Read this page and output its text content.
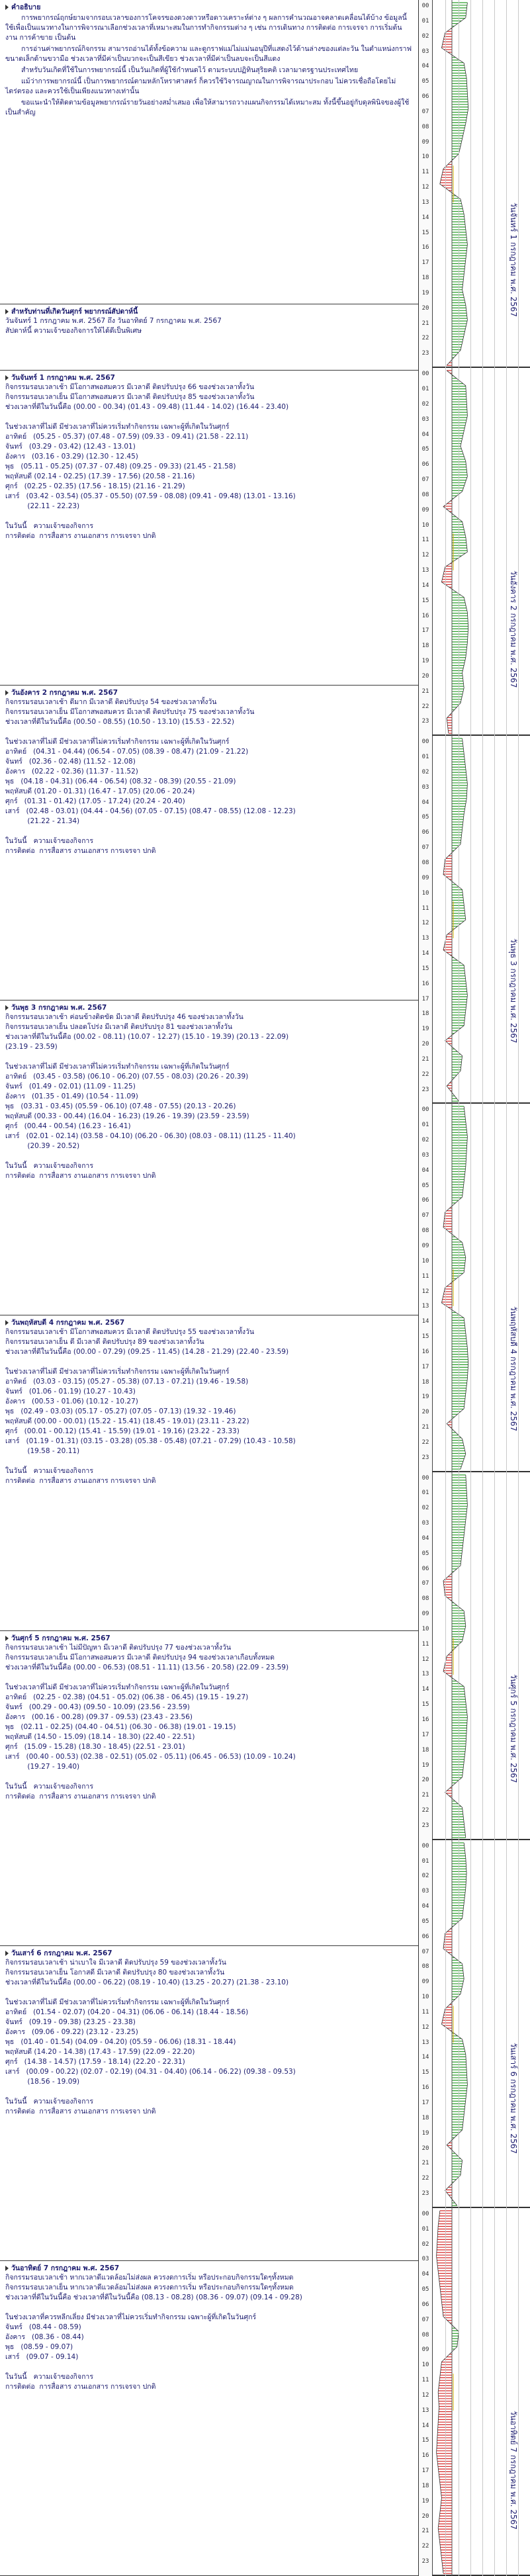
คำอธิบาย
การพยากรณ์ฤกษ์ยามจากรอบเวลาของการโคจรของดวงดาวหรือดาวเคราะห์ต่าง ๆ ผลการคำนวณอาจคลาดเคลื่อนได้บ้าง ข้อมูลนี้ใช้เพื่อเป็นแนวทางในการพิจารณาเลือกช่วงเวลาที่เหมาะสมในการทำกิจกรรมต่าง ๆ เช่น การเดินทาง การติดต่อ การเจรจา การเริ่มต้นงาน การค้าขาย เป็นต้น
การอ่านค่าพยากรณ์กิจกรรม สามารถอ่านได้ทั้งข้อความ และดูกราฟแม่ไม่แม่นอนุปีที่แสดงไว้ด้านล่างของแต่ละวัน ในตำแหน่งกราฟขนาดเล็กด้านขวามือ ช่วงเวลาที่มีค่าเป็นบวกจะเป็นสีเขียว ช่วงเวลาที่มีค่าเป็นลบจะเป็นสีแดง
สำหรับวันเกิดที่ใช้ในการพยากรณ์นี้ เป็นวันเกิดที่ผู้ใช้กำหนดไว้ ตามระบบปฏิทินสุริยคติ เวลามาตรฐานประเทศไทย
แม้ว่าการพยากรณ์นี้ เป็นการพยากรณ์ตามหลักโหราศาสตร์ ก็ควรใช้วิจารณญาณในการพิจารณาประกอบ ไม่ควรเชื่อถือโดยไม่ไตร่ตรอง และควรใช้เป็นเพียงแนวทางเท่านั้น
ขอแนะนำให้ติดตามข้อมูลพยากรณ์รายวันอย่างสม่ำเสมอ เพื่อให้สามารถวางแผนกิจกรรมได้เหมาะสม ทั้งนี้ขึ้นอยู่กับดุลพินิจของผู้ใช้เป็นสำคัญ
สำหรับท่านที่เกิดวันศุกร์ พยากรณ์สัปดาห์นี้
วันจันทร์ 1 กรกฎาคม พ.ศ. 2567 ถึง วันอาทิตย์ 7 กรกฎาคม พ.ศ. 2567
สัปดาห์นี้ ความเจ้าของกิจการให้ได้ดีเป็นพิเศษ
วันจันทร์ 1 กรกฎาคม พ.ศ. 2567
กิจกรรมรอบเวลาเช้า มีโอกาสพอสมควร มีเวลาดี ติดปรับปรุง 66 ของช่วงเวลาทั้งวัน
กิจกรรมรอบเวลาเย็น มีโอกาสพอสมควร มีเวลาดี ติดปรับปรุง 85 ของช่วงเวลาทั้งวัน
ช่วงเวลาที่ดีในวันนี้คือ (00.00 - 00.34) (01.43 - 09.48) (11.44 - 14.02) (16.44 - 23.40)

ในช่วงเวลาที่ไม่ดี มีช่วงเวลาที่ไม่ควรเริ่มทำกิจกรรม เฉพาะผู้ที่เกิดในวันศุกร์
อาทิตย์   (05.25 - 05.37) (07.48 - 07.59) (09.33 - 09.41) (21.58 - 22.11)
จันทร์   (03.29 - 03.42) (12.43 - 13.01)
อังคาร   (03.16 - 03.29) (12.30 - 12.45)
พุธ   (05.11 - 05.25) (07.37 - 07.48) (09.25 - 09.33) (21.45 - 21.58)
พฤหัสบดี (02.14 - 02.25) (17.39 - 17.56) (20.58 - 21.16)
ศุกร์   (02.25 - 02.35) (17.56 - 18.15) (21.16 - 21.29)
เสาร์   (03.42 - 03.54) (05.37 - 05.50) (07.59 - 08.08) (09.41 - 09.48) (13.01 - 13.16)
(22.11 - 22.23)

ในวันนี้   ความเจ้าของกิจการ
การติดต่อ  การสื่อสาร งานเอกสาร การเจรจา ปกติ
วันอังคาร 2 กรกฎาคม พ.ศ. 2567
กิจกรรมรอบเวลาเช้า ดีมาก มีเวลาดี ติดปรับปรุง 54 ของช่วงเวลาทั้งวัน
กิจกรรมรอบเวลาเย็น มีโอกาสพอสมควร มีเวลาดี ติดปรับปรุง 75 ของช่วงเวลาทั้งวัน
ช่วงเวลาที่ดีในวันนี้คือ (00.50 - 08.55) (10.50 - 13.10) (15.53 - 22.52)

ในช่วงเวลาที่ไม่ดี มีช่วงเวลาที่ไม่ควรเริ่มทำกิจกรรม เฉพาะผู้ที่เกิดในวันศุกร์
อาทิตย์   (04.31 - 04.44) (06.54 - 07.05) (08.39 - 08.47) (21.09 - 21.22)
จันทร์   (02.36 - 02.48) (11.52 - 12.08)
อังคาร   (02.22 - 02.36) (11.37 - 11.52)
พุธ   (04.18 - 04.31) (06.44 - 06.54) (08.32 - 08.39) (20.55 - 21.09)
พฤหัสบดี (01.20 - 01.31) (16.47 - 17.05) (20.06 - 20.24)
ศุกร์   (01.31 - 01.42) (17.05 - 17.24) (20.24 - 20.40)
เสาร์   (02.48 - 03.01) (04.44 - 04.56) (07.05 - 07.15) (08.47 - 08.55) (12.08 - 12.23)
(21.22 - 21.34)

ในวันนี้   ความเจ้าของกิจการ
การติดต่อ  การสื่อสาร งานเอกสาร การเจรจา ปกติ
วันพุธ 3 กรกฎาคม พ.ศ. 2567
กิจกรรมรอบเวลาเช้า ค่อนข้างติดขัด มีเวลาดี ติดปรับปรุง 46 ของช่วงเวลาทั้งวัน
กิจกรรมรอบเวลาเย็น ปลอดโปร่ง มีเวลาดี ติดปรับปรุง 81 ของช่วงเวลาทั้งวัน
ช่วงเวลาที่ดีในวันนี้คือ (00.02 - 08.11) (10.07 - 12.27) (15.10 - 19.39) (20.13 - 22.09)
(23.19 - 23.59)

ในช่วงเวลาที่ไม่ดี มีช่วงเวลาที่ไม่ควรเริ่มทำกิจกรรม เฉพาะผู้ที่เกิดในวันศุกร์
อาทิตย์   (03.45 - 03.58) (06.10 - 06.20) (07.55 - 08.03) (20.26 - 20.39)
จันทร์   (01.49 - 02.01) (11.09 - 11.25)
อังคาร   (01.35 - 01.49) (10.54 - 11.09)
พุธ   (03.31 - 03.45) (05.59 - 06.10) (07.48 - 07.55) (20.13 - 20.26)
พฤหัสบดี (00.33 - 00.44) (16.04 - 16.23) (19.26 - 19.39) (23.59 - 23.59)
ศุกร์   (00.44 - 00.54) (16.23 - 16.41)
เสาร์   (02.01 - 02.14) (03.58 - 04.10) (06.20 - 06.30) (08.03 - 08.11) (11.25 - 11.40)
(20.39 - 20.52)

ในวันนี้   ความเจ้าของกิจการ
การติดต่อ  การสื่อสาร งานเอกสาร การเจรจา ปกติ
วันพฤหัสบดี 4 กรกฎาคม พ.ศ. 2567
กิจกรรมรอบเวลาเช้า มีโอกาสพอสมควร มีเวลาดี ติดปรับปรุง 55 ของช่วงเวลาทั้งวัน
กิจกรรมรอบเวลาเย็น ดี มีเวลาดี ติดปรับปรุง 89 ของช่วงเวลาทั้งวัน
ช่วงเวลาที่ดีในวันนี้คือ (00.00 - 07.29) (09.25 - 11.45) (14.28 - 21.29) (22.40 - 23.59)

ในช่วงเวลาที่ไม่ดี มีช่วงเวลาที่ไม่ควรเริ่มทำกิจกรรม เฉพาะผู้ที่เกิดในวันศุกร์
อาทิตย์   (03.03 - 03.15) (05.27 - 05.38) (07.13 - 07.21) (19.46 - 19.58)
จันทร์   (01.06 - 01.19) (10.27 - 10.43)
อังคาร   (00.53 - 01.06) (10.12 - 10.27)
พุธ   (02.49 - 03.03) (05.17 - 05.27) (07.05 - 07.13) (19.32 - 19.46)
พฤหัสบดี (00.00 - 00.01) (15.22 - 15.41) (18.45 - 19.01) (23.11 - 23.22)
ศุกร์   (00.01 - 00.12) (15.41 - 15.59) (19.01 - 19.16) (23.22 - 23.33)
เสาร์   (01.19 - 01.31) (03.15 - 03.28) (05.38 - 05.48) (07.21 - 07.29) (10.43 - 10.58)
(19.58 - 20.11)

ในวันนี้   ความเจ้าของกิจการ
การติดต่อ  การสื่อสาร งานเอกสาร การเจรจา ปกติ
วันศุกร์ 5 กรกฎาคม พ.ศ. 2567
กิจกรรมรอบเวลาเช้า ไม่มีปัญหา มีเวลาดี ติดปรับปรุง 77 ของช่วงเวลาทั้งวัน
กิจกรรมรอบเวลาเย็น มีโอกาสพอสมควร มีเวลาดี ติดปรับปรุง 94 ของช่วงเวลาเกือบทั้งหมด
ช่วงเวลาที่ดีในวันนี้คือ (00.00 - 06.53) (08.51 - 11.11) (13.56 - 20.58) (22.09 - 23.59)

ในช่วงเวลาที่ไม่ดี มีช่วงเวลาที่ไม่ควรเริ่มทำกิจกรรม เฉพาะผู้ที่เกิดในวันศุกร์
อาทิตย์   (02.25 - 02.38) (04.51 - 05.02) (06.38 - 06.45) (19.15 - 19.27)
จันทร์   (00.29 - 00.43) (09.50 - 10.09) (23.56 - 23.59)
อังคาร   (00.16 - 00.28) (09.37 - 09.53) (23.43 - 23.56)
พุธ   (02.11 - 02.25) (04.40 - 04.51) (06.30 - 06.38) (19.01 - 19.15)
พฤหัสบดี (14.50 - 15.09) (18.14 - 18.30) (22.40 - 22.51)
ศุกร์   (15.09 - 15.28) (18.30 - 18.45) (22.51 - 23.01)
เสาร์   (00.40 - 00.53) (02.38 - 02.51) (05.02 - 05.11) (06.45 - 06.53) (10.09 - 10.24)
(19.27 - 19.40)

ในวันนี้   ความเจ้าของกิจการ
การติดต่อ  การสื่อสาร งานเอกสาร การเจรจา ปกติ
วันเสาร์ 6 กรกฎาคม พ.ศ. 2567
กิจกรรมรอบเวลาเช้า น่าเบาใจ มีเวลาดี ติดปรับปรุง 59 ของช่วงเวลาทั้งวัน
กิจกรรมรอบเวลาเย็น โอกาสดี มีเวลาดี ติดปรับปรุง 80 ของช่วงเวลาทั้งวัน
ช่วงเวลาที่ดีในวันนี้คือ (00.00 - 06.22) (08.19 - 10.40) (13.25 - 20.27) (21.38 - 23.10)

ในช่วงเวลาที่ไม่ดี มีช่วงเวลาที่ไม่ควรเริ่มทำกิจกรรม เฉพาะผู้ที่เกิดในวันศุกร์
อาทิตย์   (01.54 - 02.07) (04.20 - 04.31) (06.06 - 06.14) (18.44 - 18.56)
จันทร์   (09.19 - 09.38) (23.25 - 23.38)
อังคาร   (09.06 - 09.22) (23.12 - 23.25)
พุธ   (01.40 - 01.54) (04.09 - 04.20) (05.59 - 06.06) (18.31 - 18.44)
พฤหัสบดี (14.20 - 14.38) (17.43 - 17.59) (22.09 - 22.20)
ศุกร์   (14.38 - 14.57) (17.59 - 18.14) (22.20 - 22.31)
เสาร์   (00.09 - 00.22) (02.07 - 02.19) (04.31 - 04.40) (06.14 - 06.22) (09.38 - 09.53)
(18.56 - 19.09)

ในวันนี้   ความเจ้าของกิจการ
การติดต่อ  การสื่อสาร งานเอกสาร การเจรจา ปกติ
วันอาทิตย์ 7 กรกฎาคม พ.ศ. 2567
กิจกรรมรอบเวลาเช้า หากเวลาดีแวดล้อมไม่ส่งผล ควรงดการเริ่ม หรือประกอบกิจกรรมใดๆทั้งหมด
กิจกรรมรอบเวลาเย็น หากเวลาดีแวดล้อมไม่ส่งผล ควรงดการเริ่ม หรือประกอบกิจกรรมใดๆทั้งหมด
ช่วงเวลาที่ดีในวันนี้คือ ช่วงเวลาที่ดีในวันนี้คือ (08.13 - 08.28) (08.36 - 09.07) (09.14 - 09.28)

ในช่วงเวลาที่ควรหลีกเลี่ยง มีช่วงเวลาที่ไม่ควรเริ่มทำกิจกรรม เฉพาะผู้ที่เกิดในวันศุกร์
จันทร์   (08.44 - 08.59)
อังคาร   (08.36 - 08.44)
พุธ   (08.59 - 09.07)
เสาร์   (09.07 - 09.14)

ในวันนี้   ความเจ้าของกิจการ
การติดต่อ  การสื่อสาร งานเอกสาร การเจรจา ปกติ
00
01
02
03
04
05
06
07
08
09
10
11
12
13
14
15
16
17
18
19
20
21
22
23
00
01
02
03
04
05
06
07
08
09
10
11
12
13
14
15
16
17
18
19
20
21
22
23
00
01
02
03
04
05
06
07
08
09
10
11
12
13
14
15
16
17
18
19
20
21
22
23
00
01
02
03
04
05
06
07
08
09
10
11
12
13
14
15
16
17
18
19
20
21
22
23
00
01
02
03
04
05
06
07
08
09
10
11
12
13
14
15
16
17
18
19
20
21
22
23
00
01
02
03
04
05
06
07
08
09
10
11
12
13
14
15
16
17
18
19
20
21
22
23
00
01
02
03
04
05
06
07
08
09
10
11
12
13
14
15
16
17
18
19
20
21
22
23
วันจันทร์ 1 กรกฎาคม พ.ศ. 2567
วันอังคาร 2 กรกฎาคม พ.ศ. 2567
วันพุธ 3 กรกฎาคม พ.ศ. 2567
วันพฤหัสบดี 4 กรกฎาคม พ.ศ. 2567
วันศุกร์ 5 กรกฎาคม พ.ศ. 2567
วันเสาร์ 6 กรกฎาคม พ.ศ. 2567
วันอาทิตย์ 7 กรกฎาคม พ.ศ. 2567
